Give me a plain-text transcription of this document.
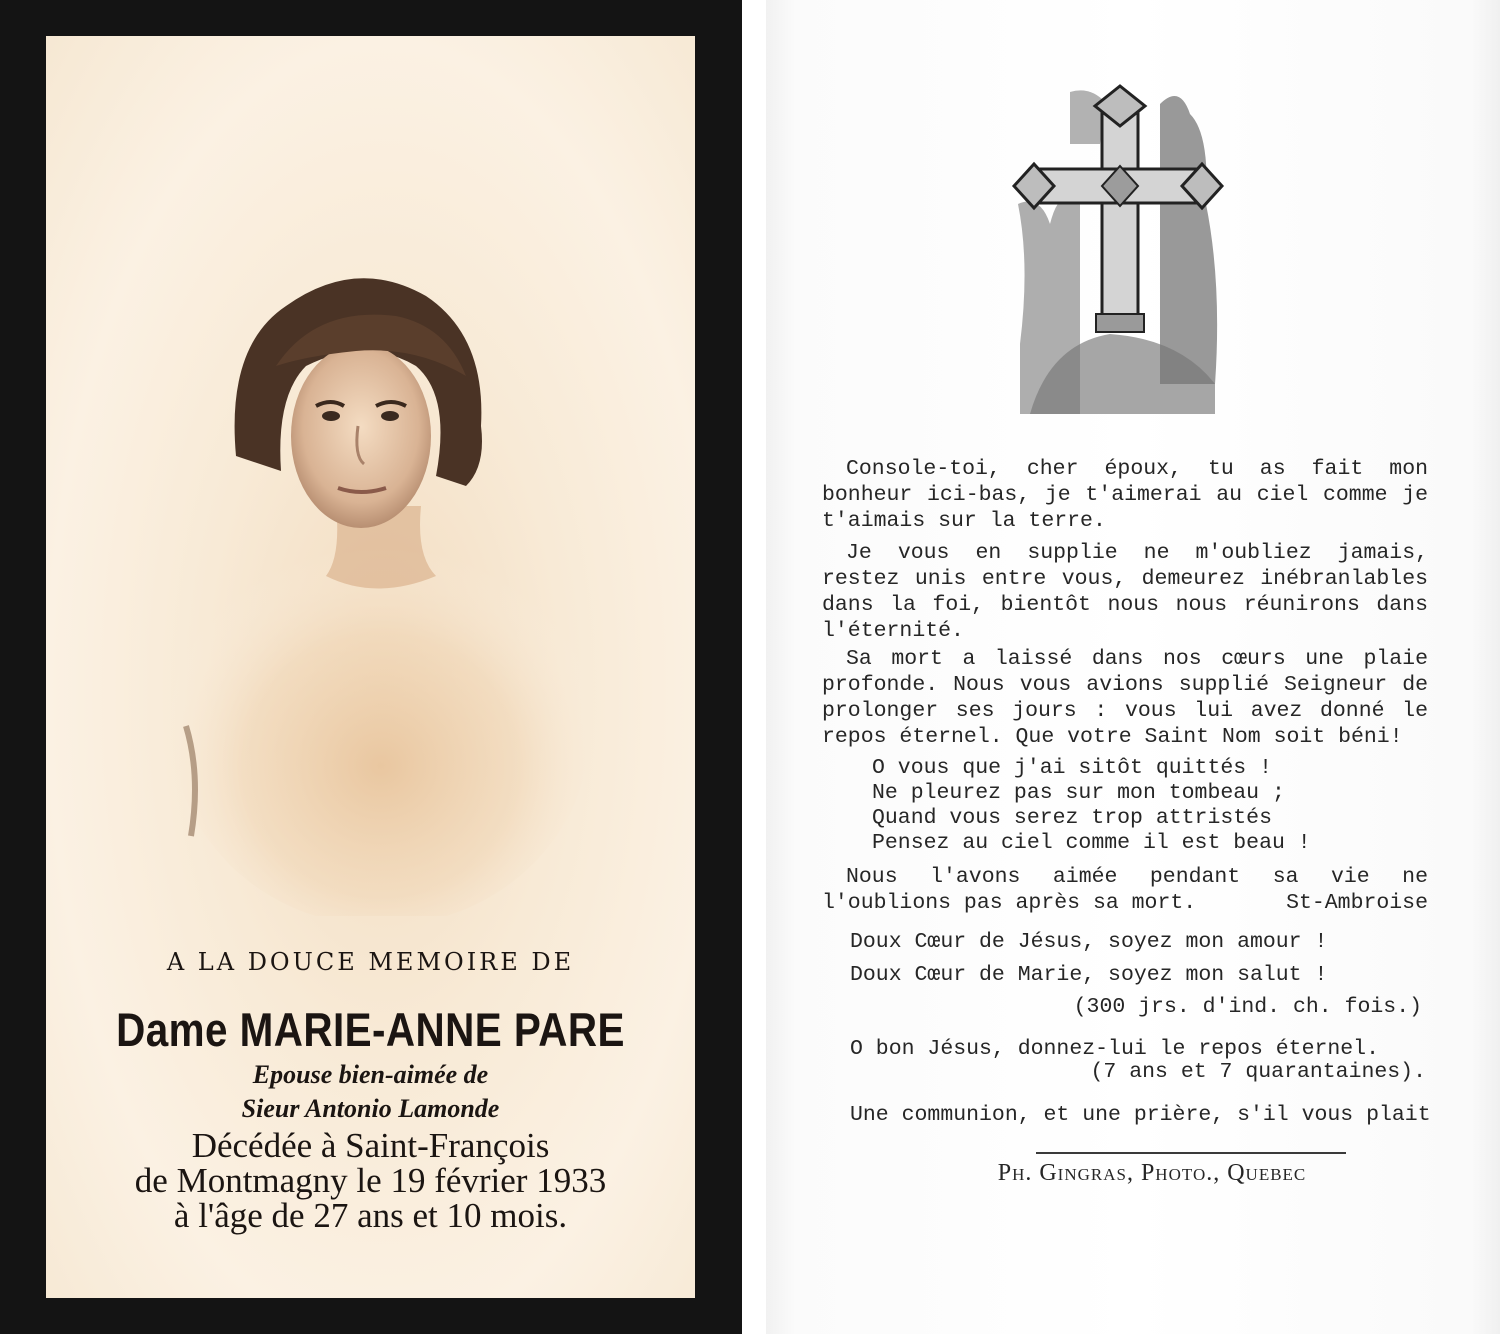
A LA DOUCE MEMOIRE DE
Dame MARIE-ANNE PARE
Epouse bien-aimée de
Sieur Antonio Lamonde
Décédée à Saint-François
de Montmagny le 19 février 1933
à l'âge de 27 ans et 10 mois.
Console-toi, cher époux, tu as fait mon bonheur ici-bas, je t'aimerai au ciel comme je t'aimais sur la terre.
Je vous en supplie ne m'oubliez jamais, restez unis entre vous, demeurez inébranlables dans la foi, bientôt nous nous réunirons dans l'éternité.
Sa mort a laissé dans nos cœurs une plaie profonde. Nous vous avions supplié Seigneur de prolonger ses jours : vous lui avez donné le repos éternel. Que votre Saint Nom soit béni!
O vous que j'ai sitôt quittés !
Ne pleurez pas sur mon tombeau ;
Quand vous serez trop attristés
Pensez au ciel comme il est beau !
Nous l'avons aimée pendant sa vie ne l'oublions pas après sa mort.	St-Ambroise
Doux Cœur de Jésus, soyez mon amour !
Doux Cœur de Marie, soyez mon salut !
(300 jrs. d'ind. ch. fois.)
O bon Jésus, donnez-lui le repos éternel.
(7 ans et 7 quarantaines).
Une communion, et une prière, s'il vous plait
Ph. Gingras, Photo., Quebec
